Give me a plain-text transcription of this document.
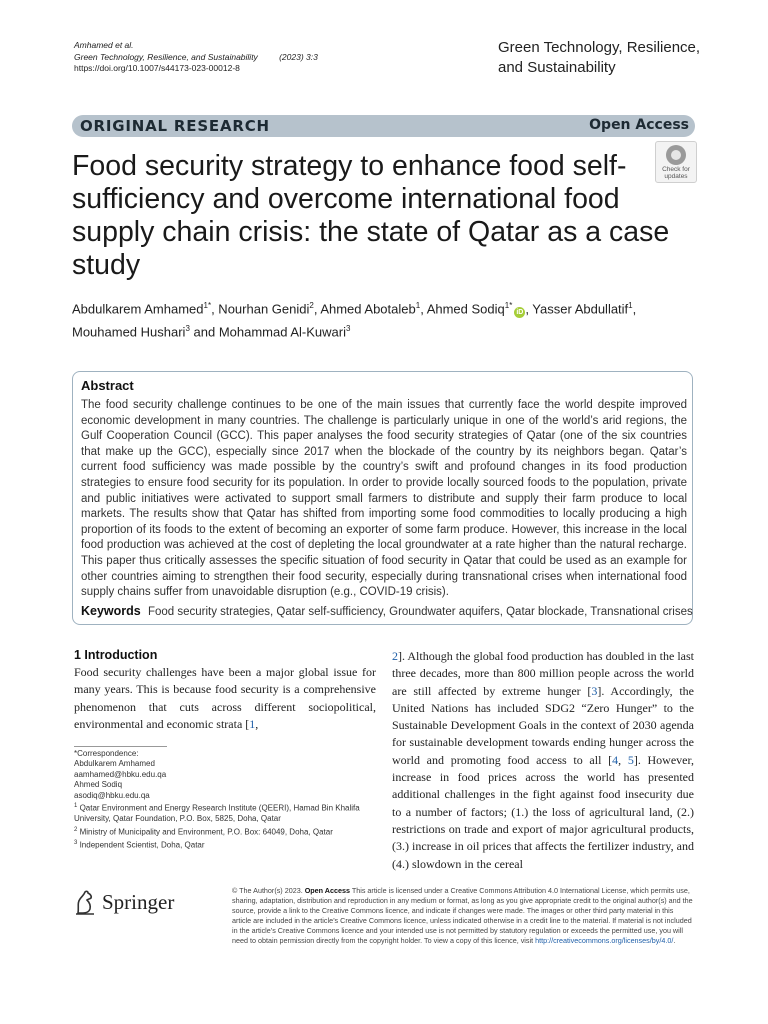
Amhamed et al.
Green Technology, Resilience, and Sustainability	(2023) 3:3
https://doi.org/10.1007/s44173-023-00012-8
Green Technology, Resilience,
and Sustainability
ORIGINAL RESEARCH	Open Access
Food security strategy to enhance food self-sufficiency and overcome international food supply chain crisis: the state of Qatar as a case study
Check for
updates
Abdulkarem Amhamed$^{1*}$, Nourhan Genidi$^2$, Ahmed Abotaleb$^1$, Ahmed Sodiq$^{1*}$iD , Yasser Abdullatif$^1$,
Mouhamed Hushari$^3$ and Mohammad Al-Kuwari$^3$
Abstract
The food security challenge continues to be one of the main issues that currently face the world despite improved economic development in many countries. The challenge is particularly unique in one of the world’s arid regions, the Gulf Cooperation Council (GCC). This paper analyses the food security strategies of Qatar (one of the six countries that make up the GCC), especially since 2017 when the blockade of the country by its neighbors began. Qatar’s current food sufficiency was made possible by the country’s swift and profound changes in its food production strategies to ensure food security for its population. In order to provide locally sourced foods to the population, private and public initiatives were activated to support small farmers to distribute and supply their farm produce to local markets. The results show that Qatar has shifted from importing some food commodities to locally producing a high proportion of its foods to the extent of becoming an exporter of some farm produce. However, this increase in the local food production was achieved at the cost of depleting the local groundwater at a rate higher than the natural recharge. This paper thus critically assesses the specific situation of food security in Qatar that could be used as an example for other countries aiming to strengthen their food security, especially during transnational crises when international food supply chains suffer from unavoidable disruption (e.g., COVID-19 crisis).
Keywords Food security strategies, Qatar self-sufficiency, Groundwater aquifers, Qatar blockade, Transnational crises
1 Introduction
Food security challenges have been a major global issue for many years. This is because food security is a comprehensive phenomenon that cuts across different sociopolitical, environmental and economic strata [1,
*Correspondence:
Abdulkarem Amhamed
aamhamed@hbku.edu.qa
Ahmed Sodiq
asodiq@hbku.edu.qa
$^1$ Qatar Environment and Energy Research Institute (QEERI), Hamad Bin Khalifa University, Qatar Foundation, P.O. Box, 5825, Doha, Qatar
$^2$ Ministry of Municipality and Environment, P.O. Box: 64049, Doha, Qatar
$^3$ Independent Scientist, Doha, Qatar
2]. Although the global food production has doubled in the last three decades, more than 800 million people across the world are still affected by extreme hunger [3]. Accordingly, the United Nations has included SDG2 “Zero Hunger” to the Sustainable Development Goals in the context of 2030 agenda for sustainable development towards ending hunger across the world and promoting food access to all [4, 5]. However, increase in food prices across the world has presented additional challenges in the fight against food insecurity due to a number of factors; (1.) the loss of agricultural land, (2.) restrictions on trade and export of major agricultural products, (3.) increase in oil prices that affects the fertilizer industry, and (4.) slowdown in the cereal
Springer	© The Author(s) 2023. Open Access This article is licensed under a Creative Commons Attribution 4.0 International License, which permits use, sharing, adaptation, distribution and reproduction in any medium or format, as long as you give appropriate credit to the original author(s) and the source, provide a link to the Creative Commons licence, and indicate if changes were made. The images or other third party material in this article are included in the article’s Creative Commons licence, unless indicated otherwise in a credit line to the material. If material is not included in the article’s Creative Commons licence and your intended use is not permitted by statutory regulation or exceeds the permitted use, you will need to obtain permission directly from the copyright holder. To view a copy of this licence, visit http://creativecommons.org/licenses/by/4.0/.
